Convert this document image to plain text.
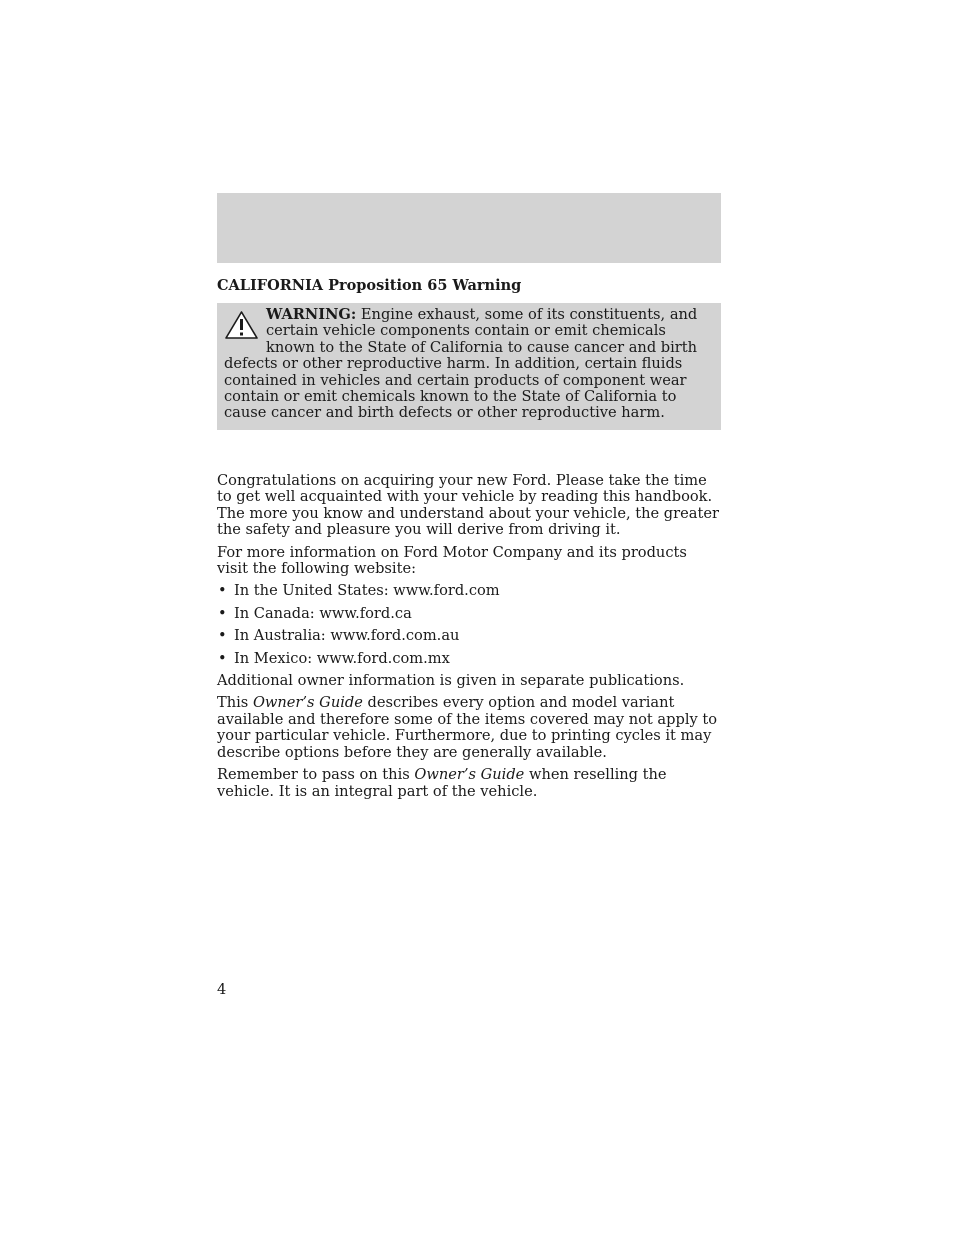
CALIFORNIA Proposition 65 Warning
WARNING: Engine exhaust, some of its constituents, and certain vehicle components contain or emit chemicals known to the State of California to cause cancer and birth defects or other reproductive harm. In addition, certain fluids contained in vehicles and certain products of component wear contain or emit chemicals known to the State of California to cause cancer and birth defects or other reproductive harm.

Congratulations on acquiring your new Ford. Please take the time to get well acquainted with your vehicle by reading this handbook. The more you know and understand about your vehicle, the greater the safety and pleasure you will derive from driving it.

For more information on Ford Motor Company and its products visit the following website:

• In the United States: www.ford.com
• In Canada: www.ford.ca
• In Australia: www.ford.com.au
• In Mexico: www.ford.com.mx

Additional owner information is given in separate publications.

This Owner’s Guide describes every option and model variant available and therefore some of the items covered may not apply to your particular vehicle. Furthermore, due to printing cycles it may describe options before they are generally available.

Remember to pass on this Owner’s Guide when reselling the vehicle. It is an integral part of the vehicle.

4
